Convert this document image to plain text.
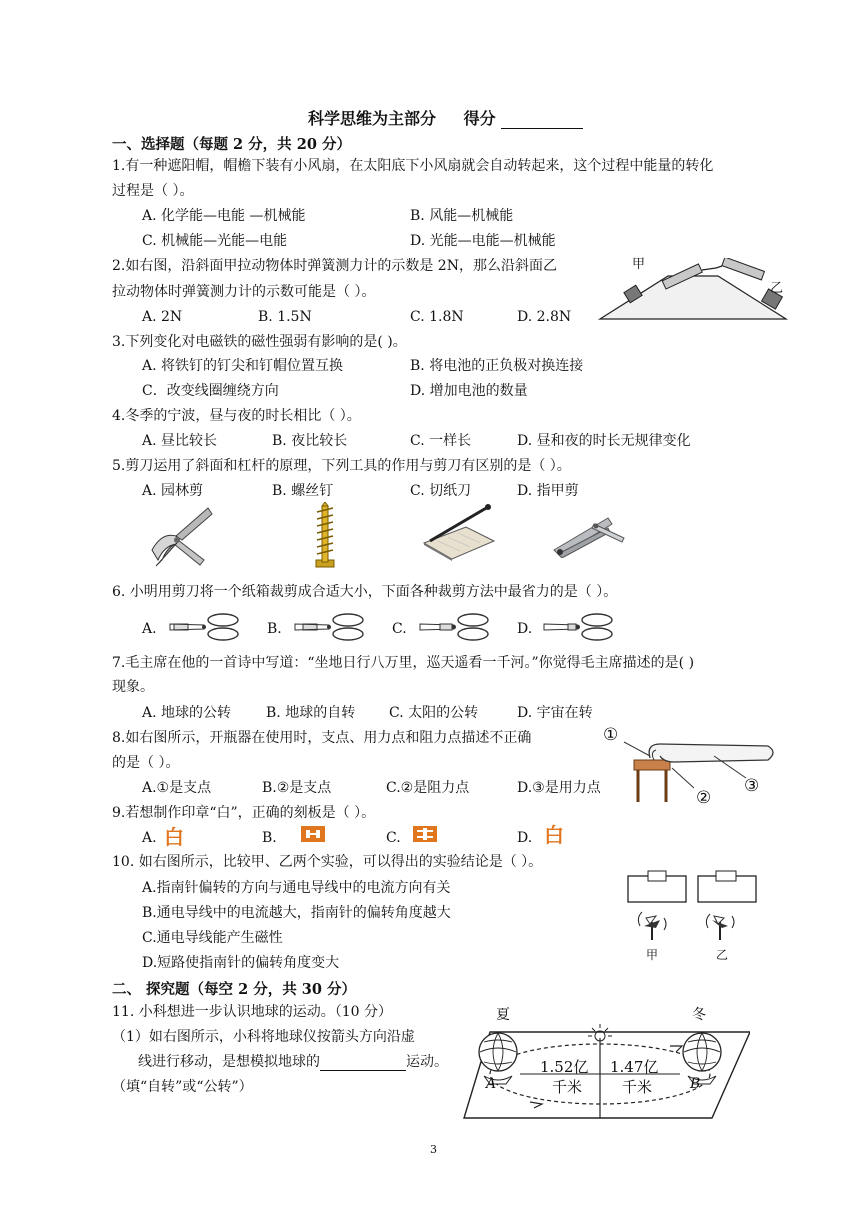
科学思维为主部分 得分
一、选择题（每题 2 分，共 20 分）
1.有一种遮阳帽，帽檐下装有小风扇，在太阳底下小风扇就会自动转起来，这个过程中能量的转化
过程是（ ）。
A. 化学能—电能 —机械能	B. 风能—机械能
C. 机械能—光能—电能	D. 光能—电能—机械能
2.如右图，沿斜面甲拉动物体时弹簧测力计的示数是 2N，那么沿斜面乙
拉动物体时弹簧测力计的示数可能是（ ）。
A. 2N	B. 1.5N	C. 1.8N	D. 2.8N
甲
乙
3.下列变化对电磁铁的磁性强弱有影响的是( )。
A. 将铁钉的钉尖和钉帽位置互换	B. 将电池的正负极对换连接
C．改变线圈缠绕方向	D. 增加电池的数量
4.冬季的宁波，昼与夜的时长相比（ ）。
A. 昼比较长	B. 夜比较长	C. 一样长	D. 昼和夜的时长无规律变化
5.剪刀运用了斜面和杠杆的原理，下列工具的作用与剪刀有区别的是（ ）。
A. 园林剪	B. 螺丝钉	C. 切纸刀	D. 指甲剪
6. 小明用剪刀将一个纸箱裁剪成合适大小，下面各种裁剪方法中最省力的是（ ）。
A.	B.	C.	D.
7.毛主席在他的一首诗中写道：“坐地日行八万里，巡天遥看一千河。”你觉得毛主席描述的是( )
现象。
A. 地球的公转 B. 地球的自转 C. 太阳的公转	D. 宇宙在转
8.如右图所示，开瓶器在使用时，支点、用力点和阻力点描述不正确
的是（ ）。
A.①是支点	B.②是支点	C.②是阻力点	D.③是用力点
①
②
③
9.若想制作印章“白”，正确的刻板是（ ）。
A. 白	B.	C.	D. 白
10. 如右图所示，比较甲、乙两个实验，可以得出的实验结论是（ ）。
A.指南针偏转的方向与通电导线中的电流方向有关
B.通电导线中的电流越大，指南针的偏转角度越大
C.通电导线能产生磁性
D.短路使指南针的偏转角度变大	甲	乙
二、 探究题（每空 2 分，共 30 分）
11. 小科想进一步认识地球的运动。（10 分）
（1）如右图所示，小科将地球仪按箭头方向沿虚
线进行移动，是想模拟地球的	运动。
（填“自转”或“公转”）
夏	冬
1.52亿 1.47亿
千米	千米
A	B
3
